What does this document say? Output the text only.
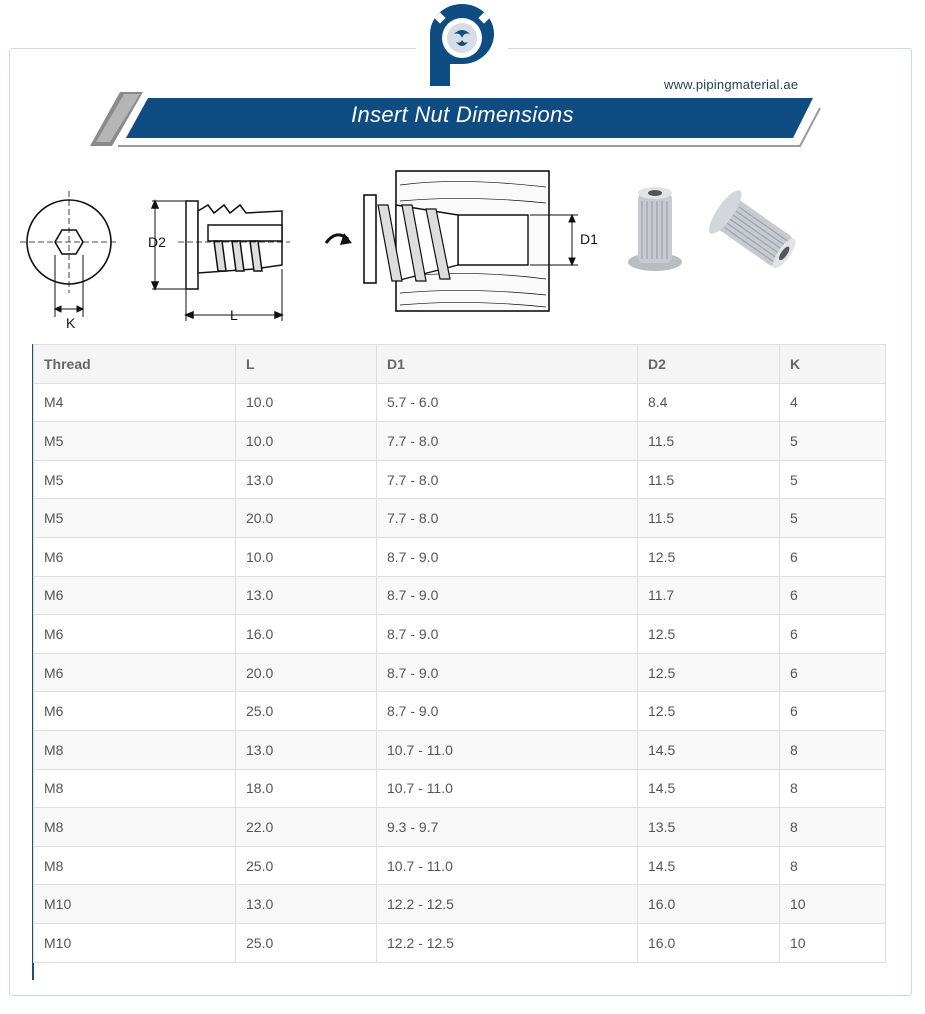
www.pipingmaterial.ae
Insert Nut Dimensions
K
D2
L
D1
Thread	L	D1	D2	K
M4	10.0	5.7 - 6.0	8.4	4
M5	10.0	7.7 - 8.0	11.5	5
M5	13.0	7.7 - 8.0	11.5	5
M5	20.0	7.7 - 8.0	11.5	5
M6	10.0	8.7 - 9.0	12.5	6
M6	13.0	8.7 - 9.0	11.7	6
M6	16.0	8.7 - 9.0	12.5	6
M6	20.0	8.7 - 9.0	12.5	6
M6	25.0	8.7 - 9.0	12.5	6
M8	13.0	10.7 - 11.0	14.5	8
M8	18.0	10.7 - 11.0	14.5	8
M8	22.0	9.3 - 9.7	13.5	8
M8	25.0	10.7 - 11.0	14.5	8
M10	13.0	12.2 - 12.5	16.0	10
M10	25.0	12.2 - 12.5	16.0	10
